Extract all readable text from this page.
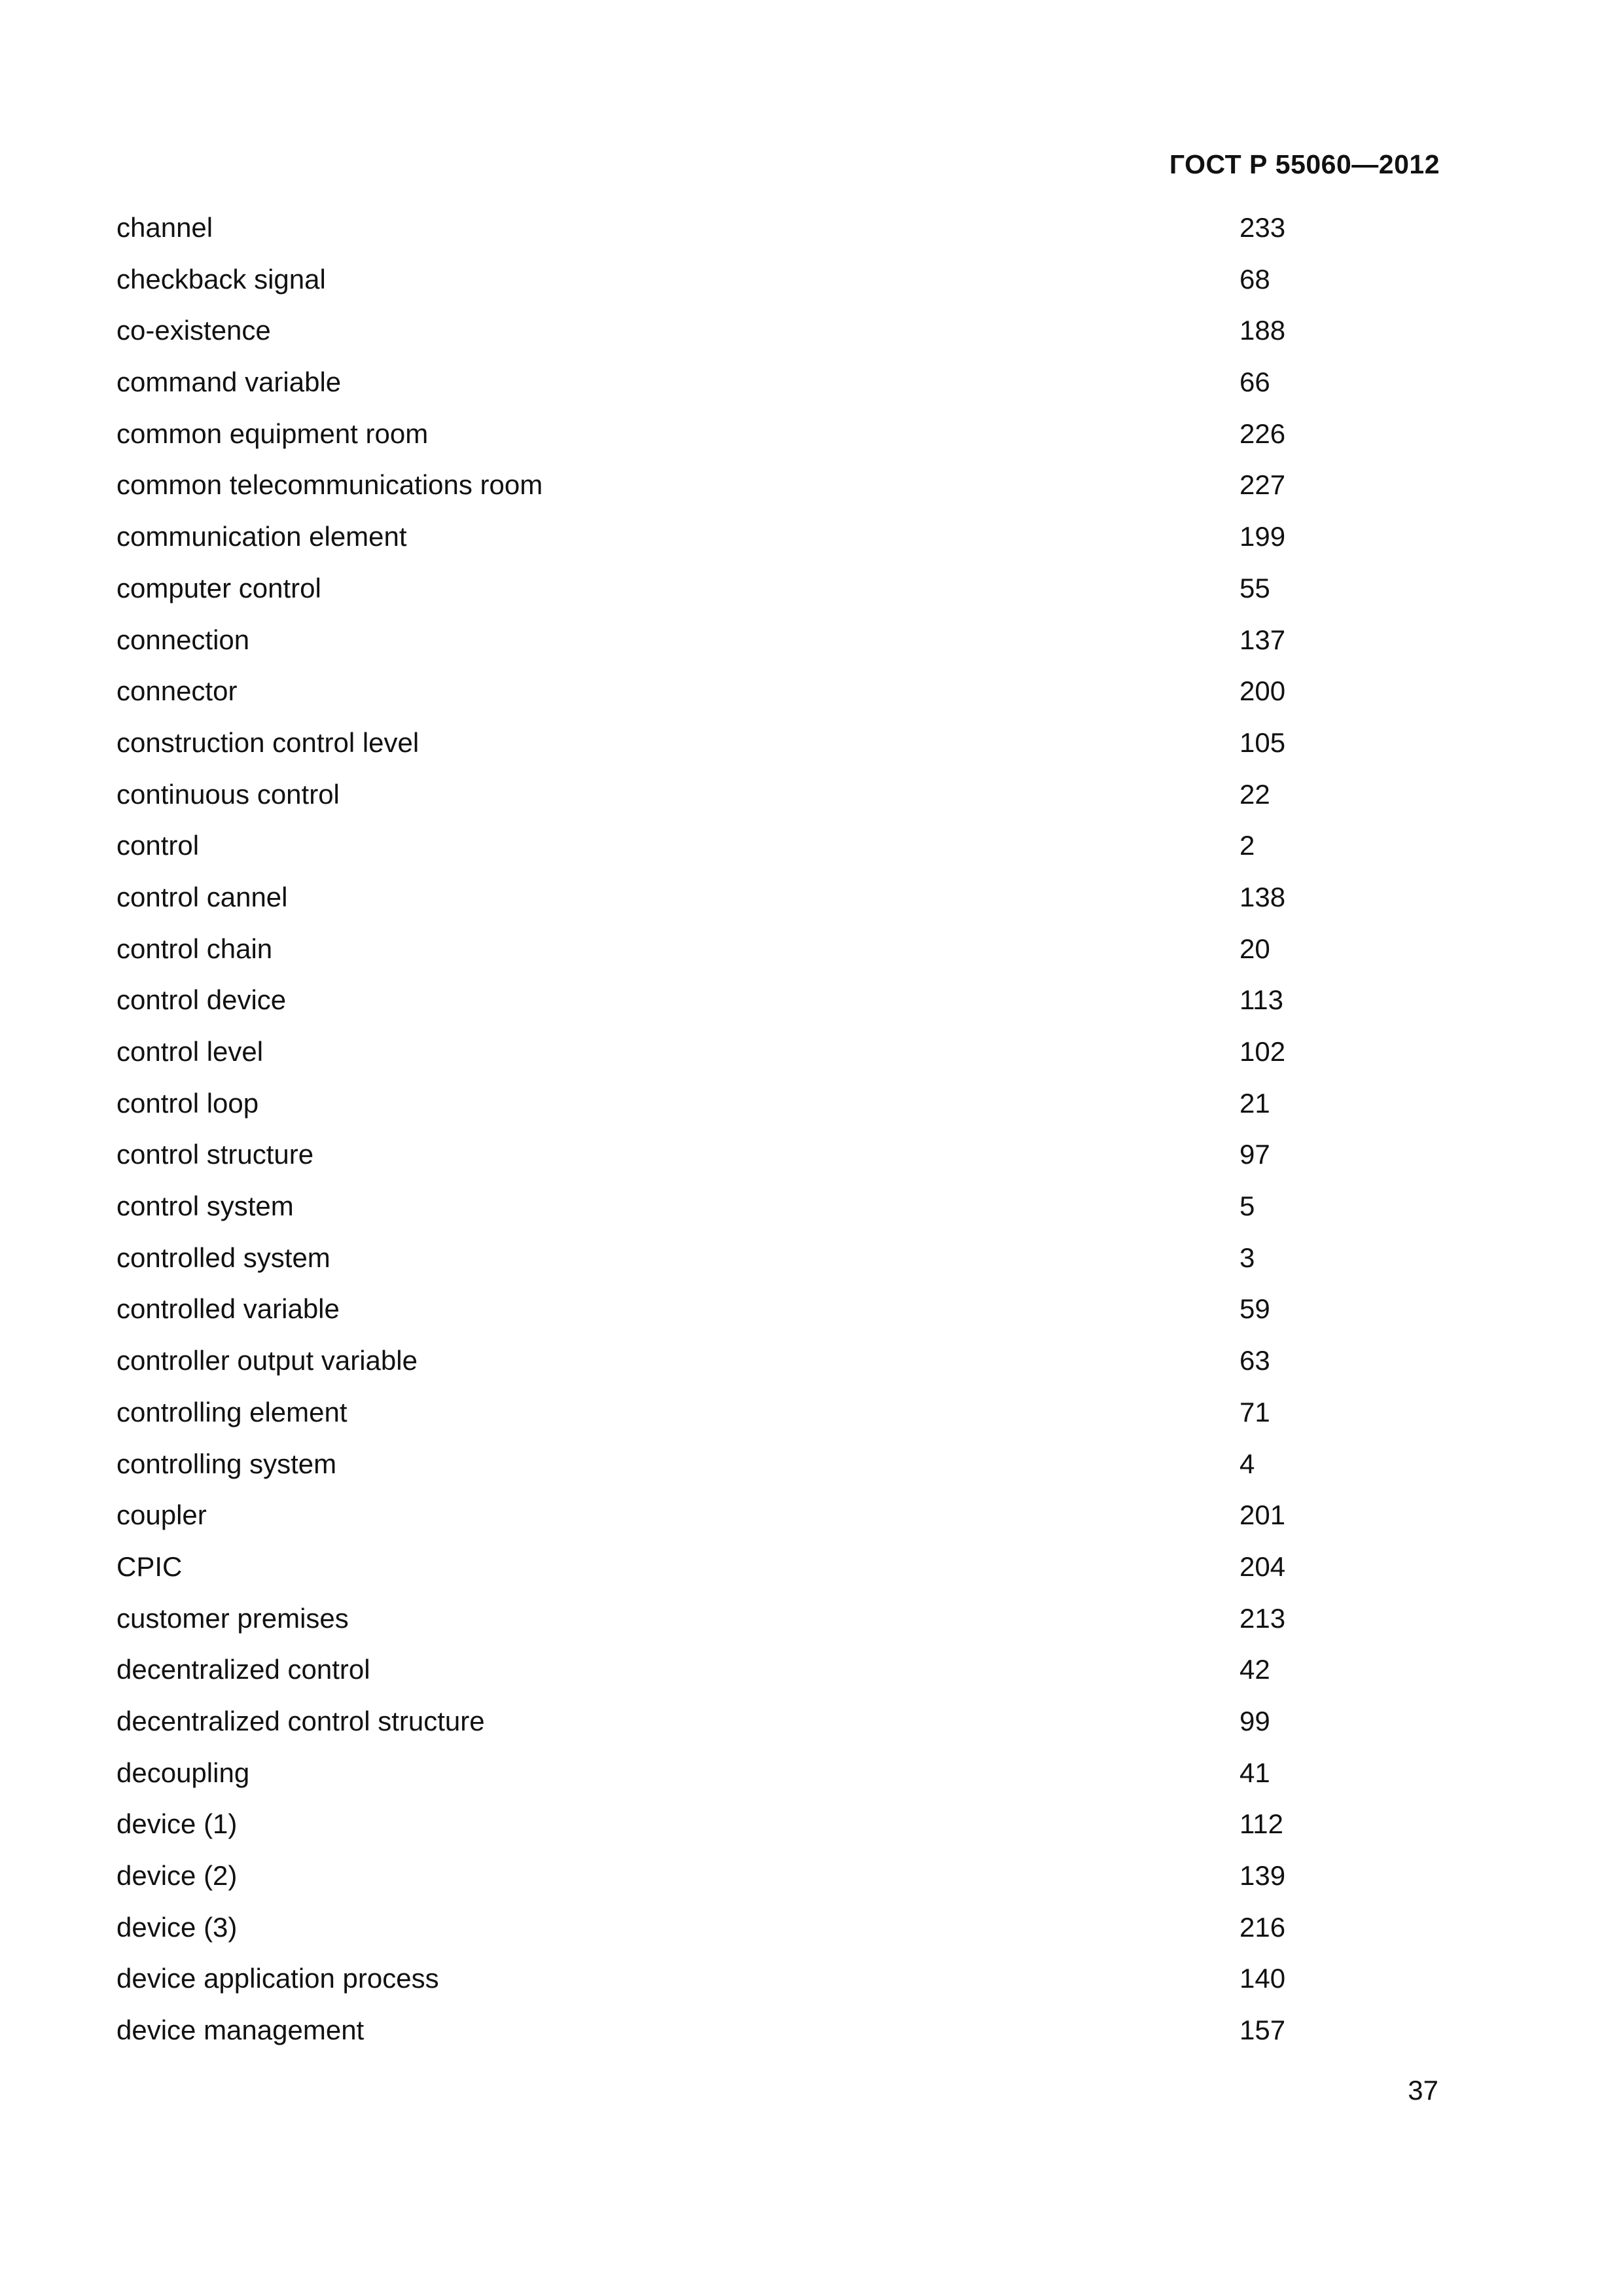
ГОСТ Р 55060—2012
channel	233
checkback signal	68
co-existence	188
command variable	66
common equipment room	226
common telecommunications room	227
communication element	199
computer control	55
connection	137
connector	200
construction control level	105
continuous control	22
control	2
control cannel	138
control chain	20
control device	113
control level	102
control loop	21
control structure	97
control system	5
controlled system	3
controlled variable	59
controller output variable	63
controlling element	71
controlling system	4
coupler	201
CPIC	204
customer premises	213
decentralized control	42
decentralized control structure	99
decoupling	41
device (1)	112
device (2)	139
device (3)	216
device application process	140
device management	157
37
